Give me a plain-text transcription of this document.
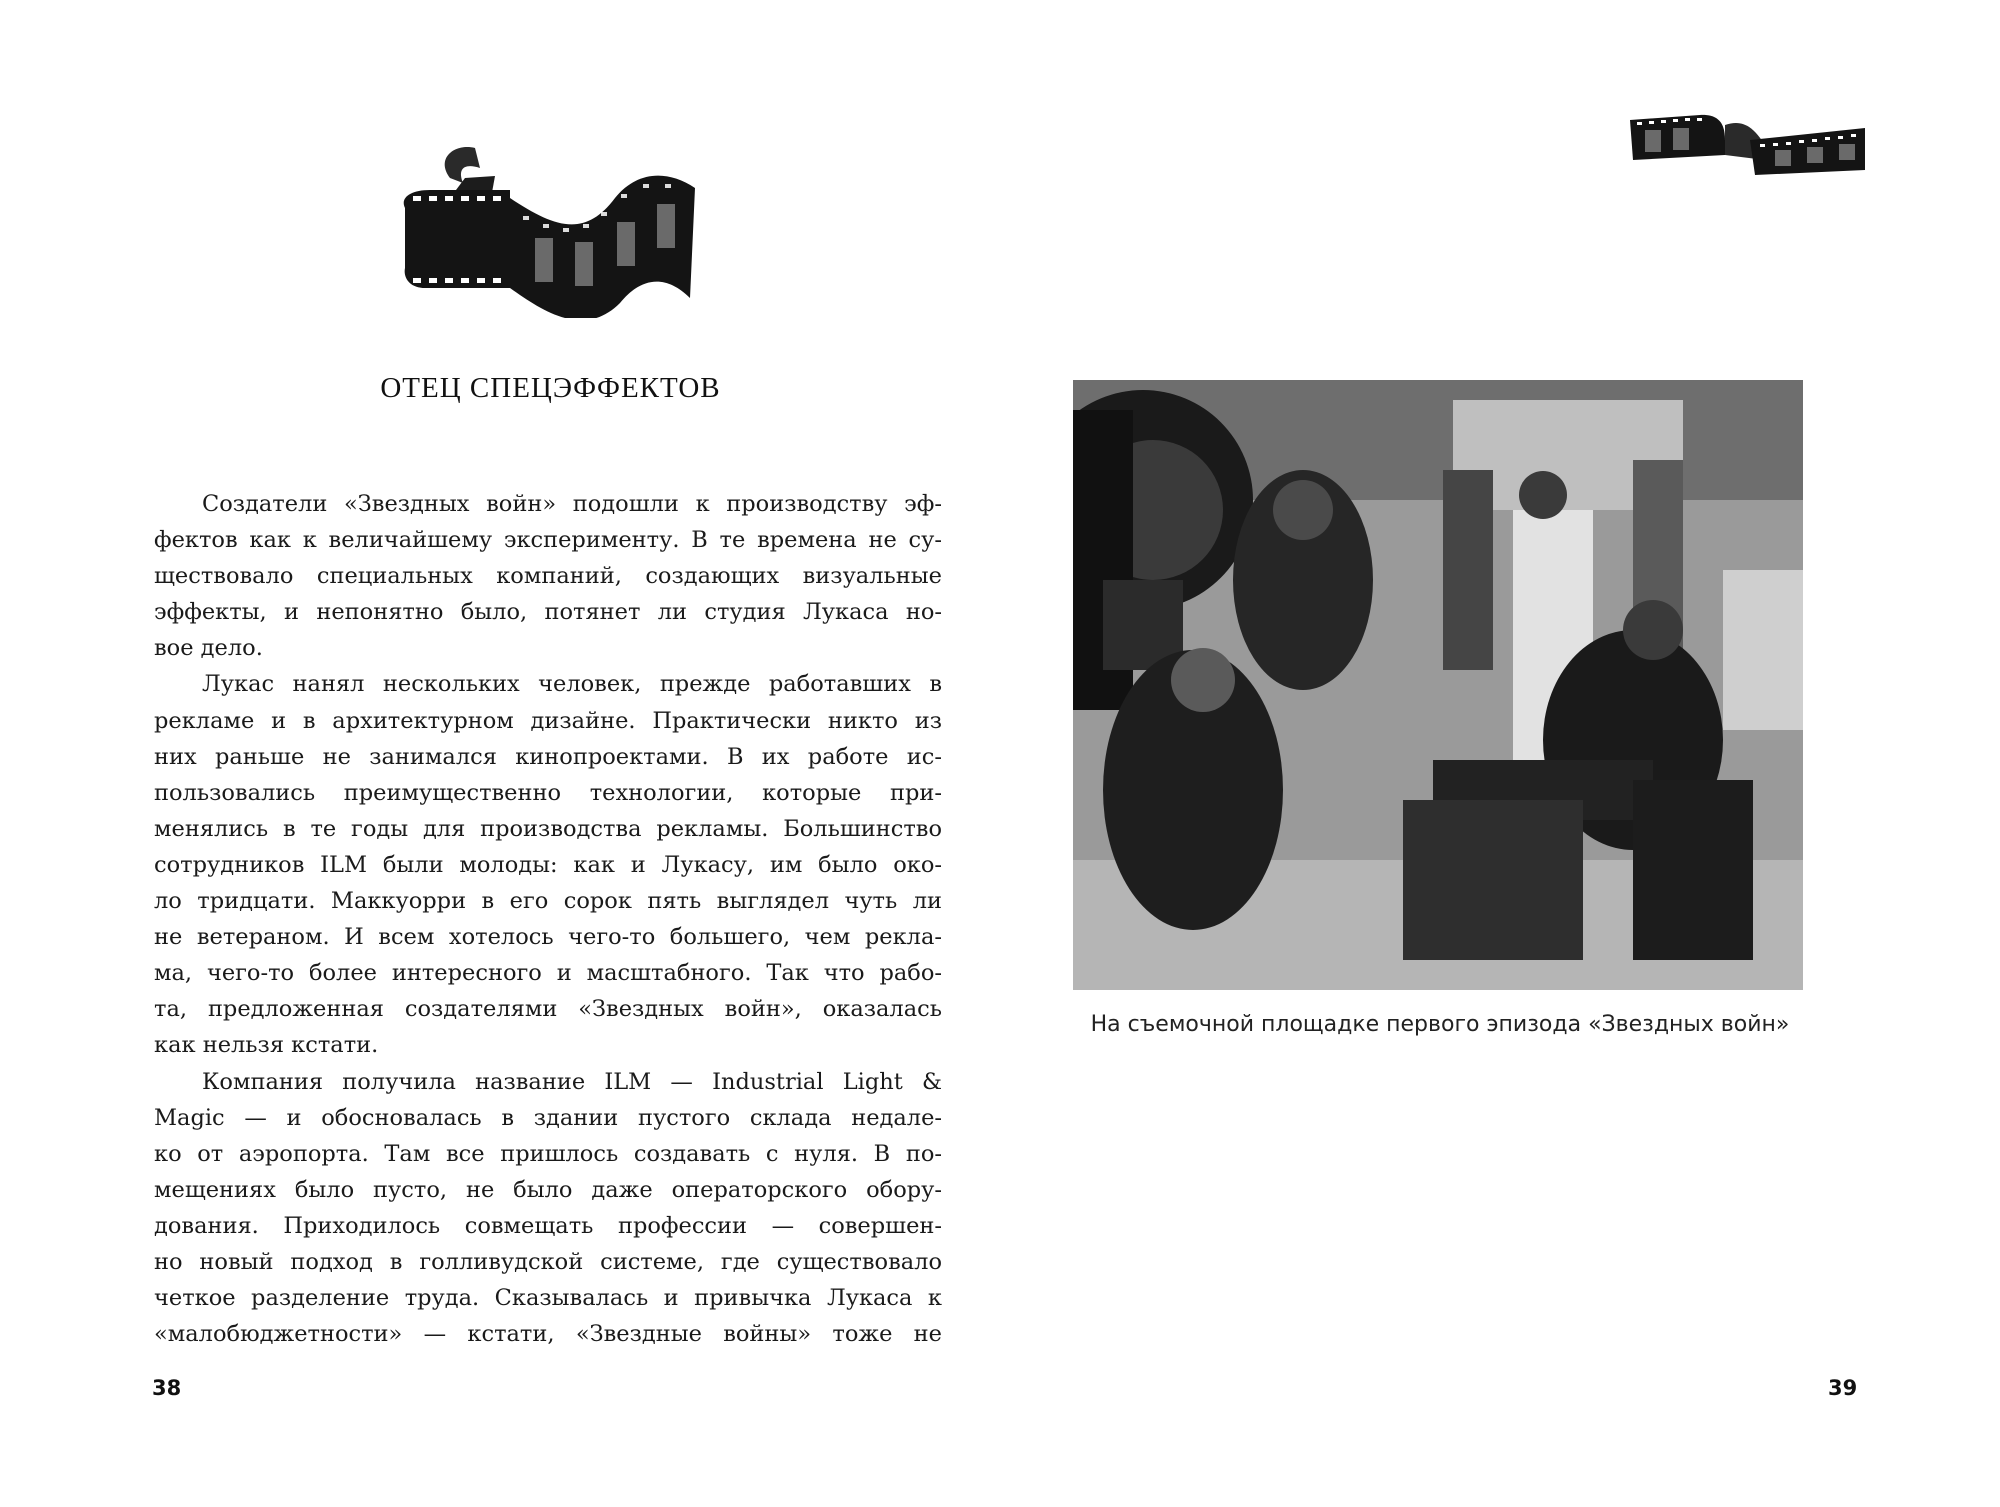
ОТЕЦ СПЕЦЭФФЕКТОВ
Создатели «Звездных войн» подошли к производству эф-
фектов как к величайшему эксперименту. В те времена не су-
ществовало специальных компаний, создающих визуальные
эффекты, и непонятно было, потянет ли студия Лукаса но-
вое дело.
Лукас нанял нескольких человек, прежде работавших в
рекламе и в архитектурном дизайне. Практически никто из
них раньше не занимался кинопроектами. В их работе ис-
пользовались преимущественно технологии, которые при-
менялись в те годы для производства рекламы. Большинство
сотрудников ILM были молоды: как и Лукасу, им было око-
ло тридцати. Маккуорри в его сорок пять выглядел чуть ли
не ветераном. И всем хотелось чего-то большего, чем рекла-
ма, чего-то более интересного и масштабного. Так что рабо-
та, предложенная создателями «Звездных войн», оказалась
как нельзя кстати.
Компания получила название ILM — Industrial Light &
Magic — и обосновалась в здании пустого склада недале-
ко от аэропорта. Там все пришлось создавать с нуля. В по-
мещениях было пусто, не было даже операторского обору-
дования. Приходилось совмещать профессии — совершен-
но новый подход в голливудской системе, где существовало
четкое разделение труда. Сказывалась и привычка Лукаса к
«малобюджетности» — кстати, «Звездные войны» тоже не
38
На съемочной площадке первого эпизода «Звездных войн»
39
